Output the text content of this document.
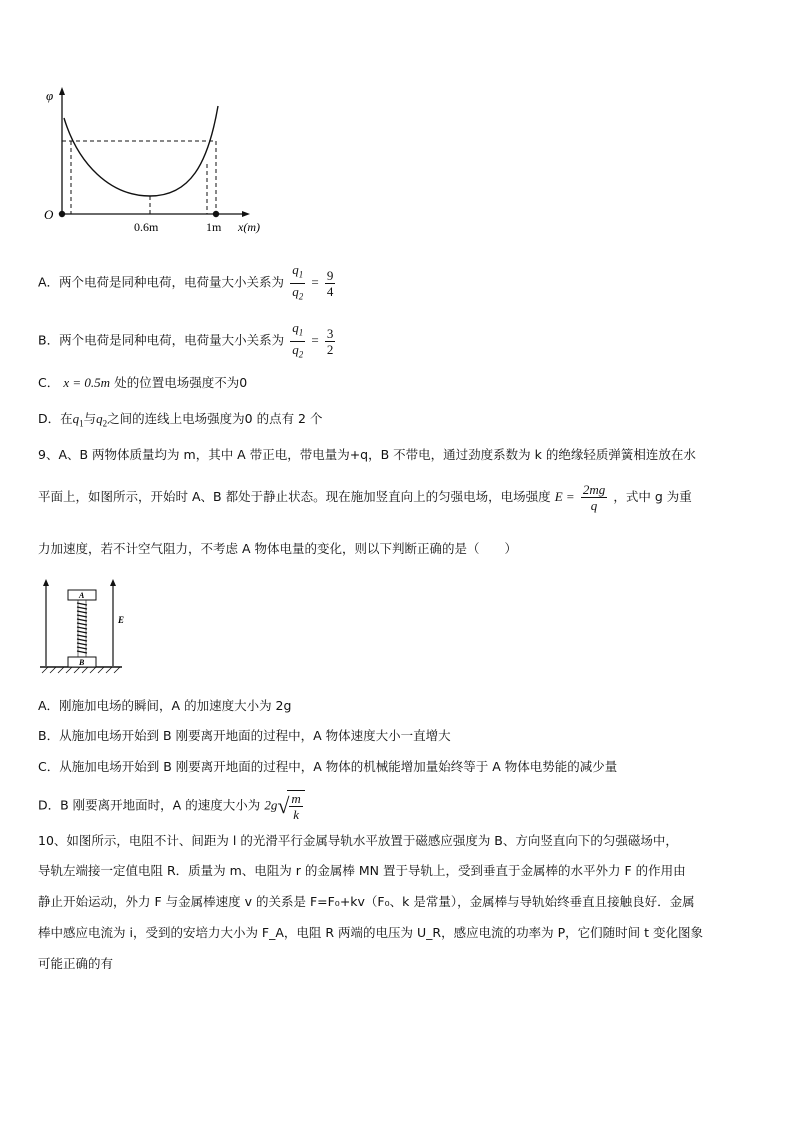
φ
O
0.6m	1m x(m)
A．两个电荷是同种电荷，电荷量大小关系为 $\frac{q_1}{q_2} = \frac{9}{4}$
B．两个电荷是同种电荷，电荷量大小关系为 $\frac{q_1}{q_2} = \frac{3}{2}$
C． x = 0.5m 处的位置电场强度不为0
D．在$q_1$与$q_2$之间的连线上电场强度为0 的点有 2 个
9、A、B 两物体质量均为 m，其中 A 带正电，带电量为+q，B 不带电，通过劲度系数为 k 的绝缘轻质弹簧相连放在水
平面上，如图所示，开始时 A、B 都处于静止状态。现在施加竖直向上的匀强电场，电场强度 $E = \frac{2mg}{q}$ ，式中 g 为重
力加速度，若不计空气阻力，不考虑 A 物体电量的变化，则以下判断正确的是（　　）
A
B
E
A．刚施加电场的瞬间，A 的加速度大小为 2g
B．从施加电场开始到 B 刚要离开地面的过程中，A 物体速度大小一直增大
C．从施加电场开始到 B 刚要离开地面的过程中，A 物体的机械能增加量始终等于 A 物体电势能的减少量
D．B 刚要离开地面时，A 的速度大小为 $2g√ \frac{m}{k}$
10、如图所示，电阻不计、间距为 l 的光滑平行金属导轨水平放置于磁感应强度为 B、方向竖直向下的匀强磁场中，
导轨左端接一定值电阻 R．质量为 m、电阻为 r 的金属棒 MN 置于导轨上，受到垂直于金属棒的水平外力 F 的作用由
静止开始运动，外力 F 与金属棒速度 v 的关系是 F=F₀+kv（F₀、k 是常量），金属棒与导轨始终垂直且接触良好．金属
棒中感应电流为 i，受到的安培力大小为 F_A，电阻 R 两端的电压为 U_R，感应电流的功率为 P，它们随时间 t 变化图象
可能正确的有
